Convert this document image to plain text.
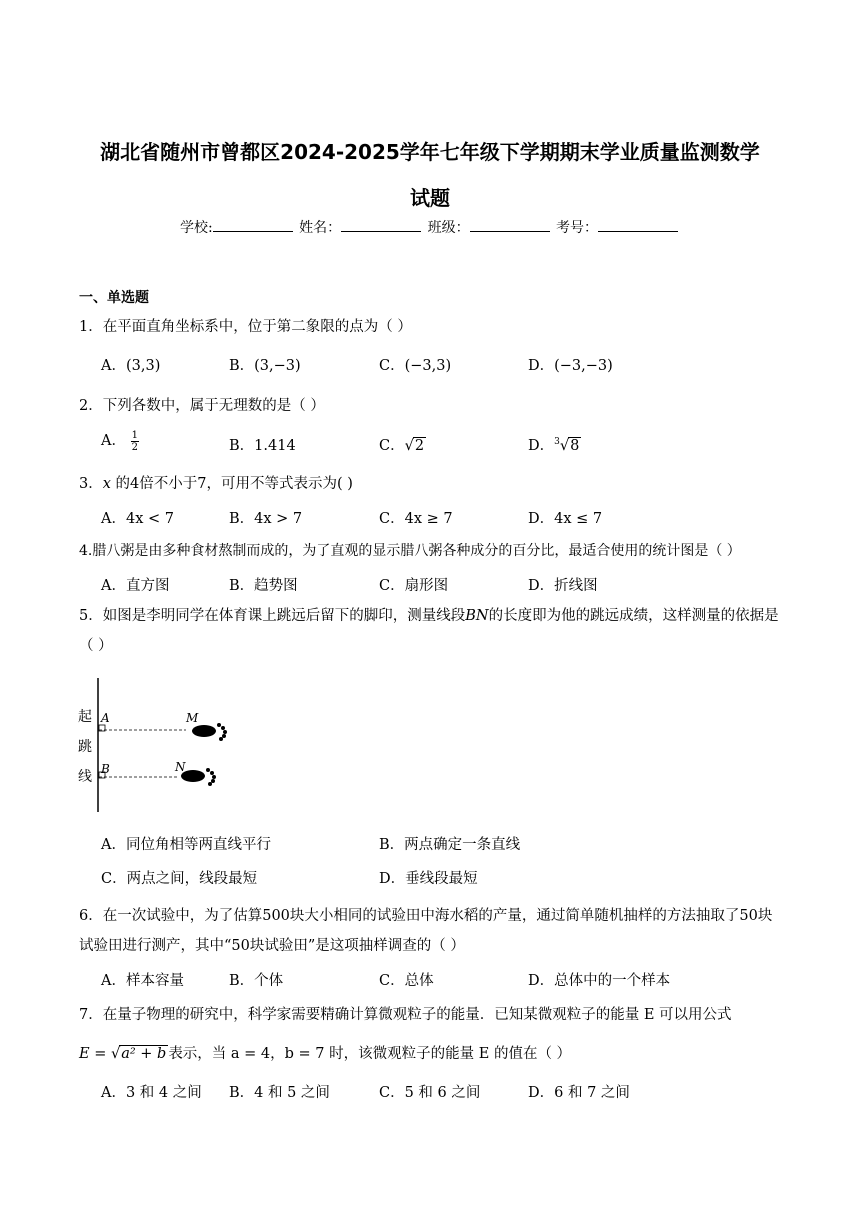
湖北省随州市曾都区2024-2025学年七年级下学期期末学业质量监测数学
试题
学校:	姓名：	班级：	考号：
一、单选题
1．在平面直角坐标系中，位于第二象限的点为（ ）
A．(3,3)	B．(3,−3)	C．(−3,3)	D．(−3,−3)
2．下列各数中，属于无理数的是（ ）
A． $\frac{1}{2}$	B．1.414	C．√2	D．$^3$√8
3．x 的4倍不小于7，可用不等式表示为( )
A．4x < 7	B．4x > 7	C．4x ≥ 7	D．4x ≤ 7
4.腊八粥是由多种食材熬制而成的，为了直观的显示腊八粥各种成分的百分比，最适合使用的统计图是（ ）
A．直方图	B．趋势图	C．扇形图	D．折线图
5．如图是李明同学在体育课上跳远后留下的脚印，测量线段BN的长度即为他的跳远成绩，这样测量的依据是（ ）
起
跳
线
A	M
B	N
A．同位角相等两直线平行	B．两点确定一条直线
C．两点之间，线段最短	D．垂线段最短
6．在一次试验中，为了估算500块大小相同的试验田中海水稻的产量，通过简单随机抽样的方法抽取了50块试验田进行测产，其中“50块试验田”是这项抽样调查的（ ）
A．样本容量	B．个体	C．总体	D．总体中的一个样本
7．在量子物理的研究中，科学家需要精确计算微观粒子的能量．已知某微观粒子的能量 E 可以用公式
E = √a² + b 表示，当 a = 4，b = 7 时，该微观粒子的能量 E 的值在（ ）
A．3 和 4 之间 B．4 和 5 之间	C．5 和 6 之间	D．6 和 7 之间
